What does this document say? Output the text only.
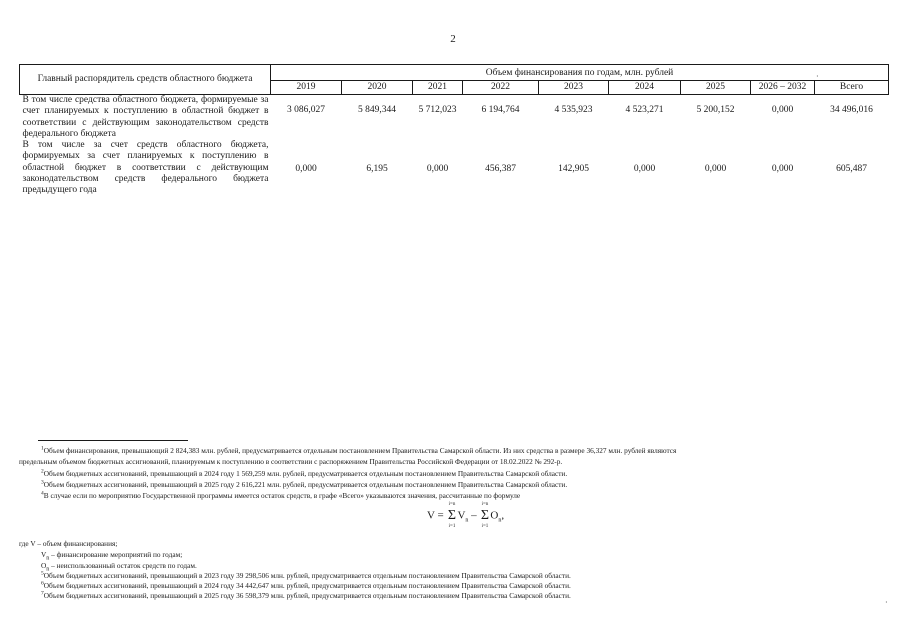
2
Главный распорядитель средств областного бюджета	Объем финансирования по годам, млн. рублей								
	2019	2020	2021	2022	2023	2024	2025	2026 – 2032	Всего
В том числе средства областного бюджета, формируемые за счет планируемых к поступлению в областной бюджет в соответствии с действующим законодательством средств федерального бюджета	3 086,027	5 849,344	5 712,023	6 194,764	4 535,923	4 523,271	5 200,152	0,000	34 496,016
В том числе за счет средств областного бюджета, формируемых за счет планируемых к поступлению в областной бюджет в соответствии с действующим законодательством средств федерального бюджета предыдущего года	0,000	6,195	0,000	456,387	142,905	0,000	0,000	0,000	605,487
$^1$Объем финансирования, превышающий 2 824,383 млн. рублей, предусматривается отдельным постановлением Правительства Самарской области. Из них средства в размере 36,327 млн. рублей являются
предельным объемом бюджетных ассигнований, планируемым к поступлению в соответствии с распоряжением Правительства Российской Федерации от 18.02.2022 № 292-р.
$^2$Объем бюджетных ассигнований, превышающий в 2024 году 1 569,259 млн. рублей, предусматривается отдельным постановлением Правительства Самарской области.
$^3$Объем бюджетных ассигнований, превышающий в 2025 году 2 616,221 млн. рублей, предусматривается отдельным постановлением Правительства Самарской области.
$^4$В случае если по мероприятию Государственной программы имеется остаток средств, в графе «Всего» указываются значения, рассчитанные по формуле
V = Σ
i=n
i=1
$V_n$ – Σ
i=n
i=1
$O_n$,
где V – объем финансирования;
$V_n$ – финансирование мероприятий по годам;
$O_n$ – неиспользованный остаток средств по годам.
$^5$Объем бюджетных ассигнований, превышающий в 2023 году 39 298,506 млн. рублей, предусматривается отдельным постановлением Правительства Самарской области.
$^6$Объем бюджетных ассигнований, превышающий в 2024 году 34 442,647 млн. рублей, предусматривается отдельным постановлением Правительства Самарской области.
$^7$Объем бюджетных ассигнований, превышающий в 2025 году 36 598,379 млн. рублей, предусматривается отдельным постановлением Правительства Самарской области.
·
·
